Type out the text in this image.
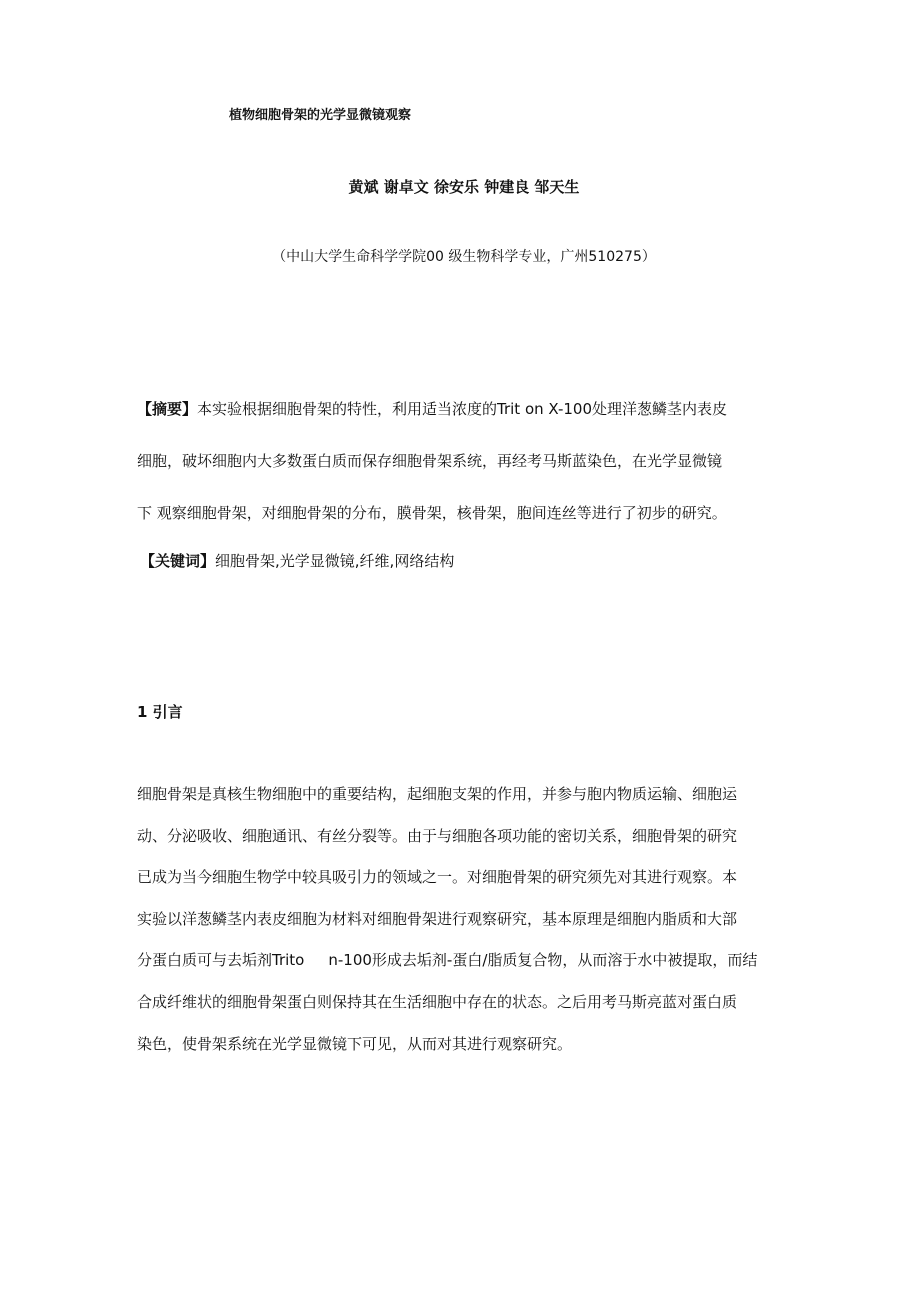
植物细胞骨架的光学显微镜观察
黄斌 谢卓文 徐安乐 钟建良 邹天生
（中山大学生命科学学院00 级生物科学专业，广州510275）
【摘要】本实验根据细胞骨架的特性，利用适当浓度的Trit on X-100处理洋葱鳞茎内表皮
细胞，破坏细胞内大多数蛋白质而保存细胞骨架系统，再经考马斯蓝染色，在光学显微镜
下 观察细胞骨架，对细胞骨架的分布，膜骨架，核骨架，胞间连丝等进行了初步的研究。
【关键词】细胞骨架,光学显微镜,纤维,网络结构
1 引言
细胞骨架是真核生物细胞中的重要结构，起细胞支架的作用，并参与胞内物质运输、细胞运
动、分泌吸收、细胞通讯、有丝分裂等。由于与细胞各项功能的密切关系，细胞骨架的研究
已成为当今细胞生物学中较具吸引力的领域之一。对细胞骨架的研究须先对其进行观察。本
实验以洋葱鳞茎内表皮细胞为材料对细胞骨架进行观察研究，基本原理是细胞内脂质和大部
分蛋白质可与去垢剂Trito n-100形成去垢剂-蛋白/脂质复合物，从而溶于水中被提取，而结
合成纤维状的细胞骨架蛋白则保持其在生活细胞中存在的状态。之后用考马斯亮蓝对蛋白质
染色，使骨架系统在光学显微镜下可见，从而对其进行观察研究。
